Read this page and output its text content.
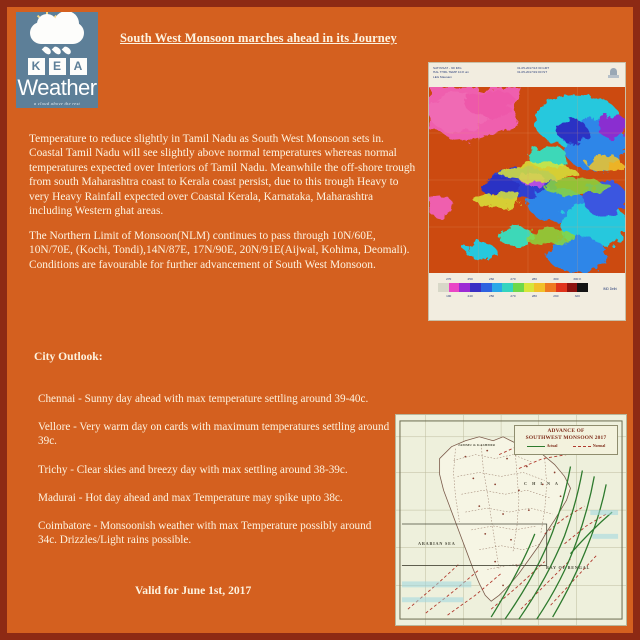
K	E	A
Weather
a cloud above the rest
South West Monsoon marches ahead in its Journey
Temperature to reduce slightly in Tamil Nadu as South West Monsoon sets in. Coastal Tamil Nadu will see slightly above normal temperatures whereas normal temperatures expected over Interiors of Tamil Nadu. Meanwhile the off-shore trough from south Maharashtra coast to Kerala coast persist, due to this trough Heavy to very Heavy Rainfall expected over Coastal Kerala, Karnataka, Maharashtra including Western ghat areas.
The Northern Limit of Monsoon(NLM) continues to pass through 10N/60E, 10N/70E, (Kochi, Tondi),14N/87E, 17N/90E, 20N/91E(Aijwal, Kohima, Deomali). Conditions are favourable for further advancement of South West Monsoon.
City Outlook:
Chennai - Sunny day ahead with max temperature settling around 39-40c.
Vellore - Very warm day on cards with maximum temperatures settling around 39c.
Trichy - Clear skies and breezy day with max settling around 38-39c.
Madurai - Hot day ahead and max Temperature may spike upto 38c.
Coimbatore - Monsoonish weather with max Temperature possibly around 34c. Drizzles/Light rains possible.
Valid for June 1st, 2017
SAT:INSAT - 3D IMG
HAL THRL TEMP 10.8 um
LEG Mausam
31-05-2017/13:30 GMT
31-05-2017/19:00 IST
270	250	260	270	280	300	300 K
190	240	250	270	280	290	320
IMD Delhi
ADVANCE OF
SOUTHWEST MONSOON 2017
Actual	Normal
C H I N A
ARABIAN SEA
BAY OF BENGAL
JAMMU & KASHMIR
